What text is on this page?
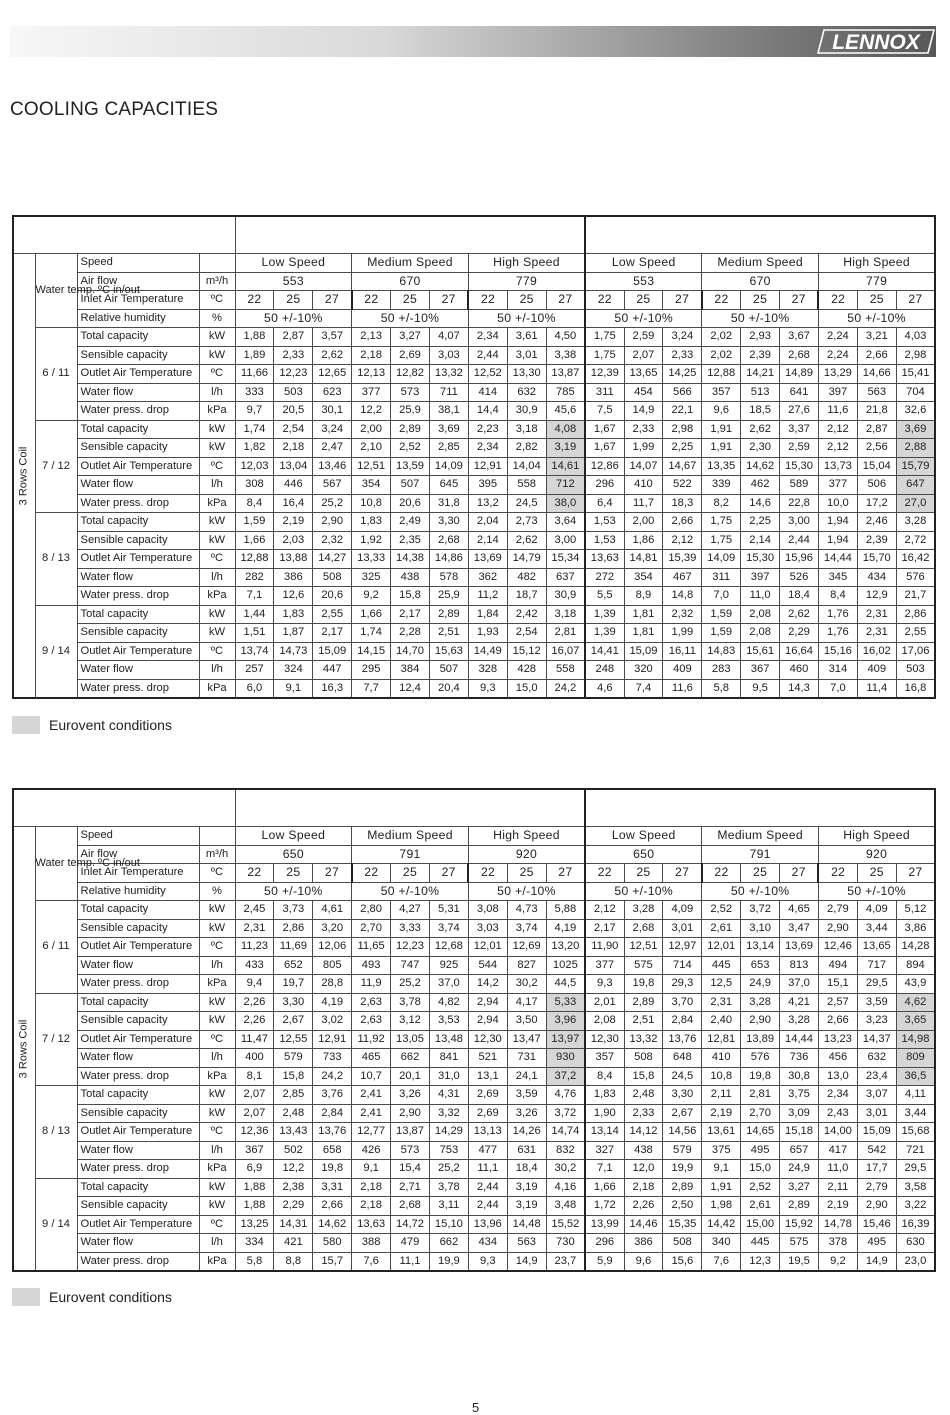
LENNOX
COOLING CAPACITIES

3 Rows Coil	Water temp. ºC in/out	Speed		Low Speed			Medium Speed			High Speed			Low Speed			Medium Speed			High Speed		
		Air flow	m³/h	553			670			779			553			670			779		
		Inlet Air Temperature	ºC	22	25	27	22	25	27	22	25	27	22	25	27	22	25	27	22	25	27
		Relative humidity	%	50 +/-10%			50 +/-10%			50 +/-10%			50 +/-10%			50 +/-10%			50 +/-10%		
	6 / 11	Total capacity	kW	1,88	2,87	3,57	2,13	3,27	4,07	2,34	3,61	4,50	1,75	2,59	3,24	2,02	2,93	3,67	2,24	3,21	4,03
		Sensible capacity	kW	1,89	2,33	2,62	2,18	2,69	3,03	2,44	3,01	3,38	1,75	2,07	2,33	2,02	2,39	2,68	2,24	2,66	2,98
		Outlet Air Temperature	ºC	11,66	12,23	12,65	12,13	12,82	13,32	12,52	13,30	13,87	12,39	13,65	14,25	12,88	14,21	14,89	13,29	14,66	15,41
		Water flow	l/h	333	503	623	377	573	711	414	632	785	311	454	566	357	513	641	397	563	704
		Water press. drop	kPa	9,7	20,5	30,1	12,2	25,9	38,1	14,4	30,9	45,6	7,5	14,9	22,1	9,6	18,5	27,6	11,6	21,8	32,6
	7 / 12	Total capacity	kW	1,74	2,54	3,24	2,00	2,89	3,69	2,23	3,18	4,08	1,67	2,33	2,98	1,91	2,62	3,37	2,12	2,87	3,69
		Sensible capacity	kW	1,82	2,18	2,47	2,10	2,52	2,85	2,34	2,82	3,19	1,67	1,99	2,25	1,91	2,30	2,59	2,12	2,56	2,88
		Outlet Air Temperature	ºC	12,03	13,04	13,46	12,51	13,59	14,09	12,91	14,04	14,61	12,86	14,07	14,67	13,35	14,62	15,30	13,73	15,04	15,79
		Water flow	l/h	308	446	567	354	507	645	395	558	712	296	410	522	339	462	589	377	506	647
		Water press. drop	kPa	8,4	16,4	25,2	10,8	20,6	31,8	13,2	24,5	38,0	6,4	11,7	18,3	8,2	14,6	22,8	10,0	17,2	27,0
	8 / 13	Total capacity	kW	1,59	2,19	2,90	1,83	2,49	3,30	2,04	2,73	3,64	1,53	2,00	2,66	1,75	2,25	3,00	1,94	2,46	3,28
		Sensible capacity	kW	1,66	2,03	2,32	1,92	2,35	2,68	2,14	2,62	3,00	1,53	1,86	2,12	1,75	2,14	2,44	1,94	2,39	2,72
		Outlet Air Temperature	ºC	12,88	13,88	14,27	13,33	14,38	14,86	13,69	14,79	15,34	13,63	14,81	15,39	14,09	15,30	15,96	14,44	15,70	16,42
		Water flow	l/h	282	386	508	325	438	578	362	482	637	272	354	467	311	397	526	345	434	576
		Water press. drop	kPa	7,1	12,6	20,6	9,2	15,8	25,9	11,2	18,7	30,9	5,5	8,9	14,8	7,0	11,0	18,4	8,4	12,9	21,7
	9 / 14	Total capacity	kW	1,44	1,83	2,55	1,66	2,17	2,89	1,84	2,42	3,18	1,39	1,81	2,32	1,59	2,08	2,62	1,76	2,31	2,86
		Sensible capacity	kW	1,51	1,87	2,17	1,74	2,28	2,51	1,93	2,54	2,81	1,39	1,81	1,99	1,59	2,08	2,29	1,76	2,31	2,55
		Outlet Air Temperature	ºC	13,74	14,73	15,09	14,15	14,70	15,63	14,49	15,12	16,07	14,41	15,09	16,11	14,83	15,61	16,64	15,16	16,02	17,06
		Water flow	l/h	257	324	447	295	384	507	328	428	558	248	320	409	283	367	460	314	409	503
		Water press. drop	kPa	6,0	9,1	16,3	7,7	12,4	20,4	9,3	15,0	24,2	4,6	7,4	11,6	5,8	9,5	14,3	7,0	11,4	16,8
Eurovent conditions

3 Rows Coil	Water temp. ºC in/out	Speed		Low Speed			Medium Speed			High Speed			Low Speed			Medium Speed			High Speed		
		Air flow	m³/h	650			791			920			650			791			920		
		Inlet Air Temperature	ºC	22	25	27	22	25	27	22	25	27	22	25	27	22	25	27	22	25	27
		Relative humidity	%	50 +/-10%			50 +/-10%			50 +/-10%			50 +/-10%			50 +/-10%			50 +/-10%		
	6 / 11	Total capacity	kW	2,45	3,73	4,61	2,80	4,27	5,31	3,08	4,73	5,88	2,12	3,28	4,09	2,52	3,72	4,65	2,79	4,09	5,12
		Sensible capacity	kW	2,31	2,86	3,20	2,70	3,33	3,74	3,03	3,74	4,19	2,17	2,68	3,01	2,61	3,10	3,47	2,90	3,44	3,86
		Outlet Air Temperature	ºC	11,23	11,69	12,06	11,65	12,23	12,68	12,01	12,69	13,20	11,90	12,51	12,97	12,01	13,14	13,69	12,46	13,65	14,28
		Water flow	l/h	433	652	805	493	747	925	544	827	1025	377	575	714	445	653	813	494	717	894
		Water press. drop	kPa	9,4	19,7	28,8	11,9	25,2	37,0	14,2	30,2	44,5	9,3	19,8	29,3	12,5	24,9	37,0	15,1	29,5	43,9
	7 / 12	Total capacity	kW	2,26	3,30	4,19	2,63	3,78	4,82	2,94	4,17	5,33	2,01	2,89	3,70	2,31	3,28	4,21	2,57	3,59	4,62
		Sensible capacity	kW	2,26	2,67	3,02	2,63	3,12	3,53	2,94	3,50	3,96	2,08	2,51	2,84	2,40	2,90	3,28	2,66	3,23	3,65
		Outlet Air Temperature	ºC	11,47	12,55	12,91	11,92	13,05	13,48	12,30	13,47	13,97	12,30	13,32	13,76	12,81	13,89	14,44	13,23	14,37	14,98
		Water flow	l/h	400	579	733	465	662	841	521	731	930	357	508	648	410	576	736	456	632	809
		Water press. drop	kPa	8,1	15,8	24,2	10,7	20,1	31,0	13,1	24,1	37,2	8,4	15,8	24,5	10,8	19,8	30,8	13,0	23,4	36,5
	8 / 13	Total capacity	kW	2,07	2,85	3,76	2,41	3,26	4,31	2,69	3,59	4,76	1,83	2,48	3,30	2,11	2,81	3,75	2,34	3,07	4,11
		Sensible capacity	kW	2,07	2,48	2,84	2,41	2,90	3,32	2,69	3,26	3,72	1,90	2,33	2,67	2,19	2,70	3,09	2,43	3,01	3,44
		Outlet Air Temperature	ºC	12,36	13,43	13,76	12,77	13,87	14,29	13,13	14,26	14,74	13,14	14,12	14,56	13,61	14,65	15,18	14,00	15,09	15,68
		Water flow	l/h	367	502	658	426	573	753	477	631	832	327	438	579	375	495	657	417	542	721
		Water press. drop	kPa	6,9	12,2	19,8	9,1	15,4	25,2	11,1	18,4	30,2	7,1	12,0	19,9	9,1	15,0	24,9	11,0	17,7	29,5
	9 / 14	Total capacity	kW	1,88	2,38	3,31	2,18	2,71	3,78	2,44	3,19	4,16	1,66	2,18	2,89	1,91	2,52	3,27	2,11	2,79	3,58
		Sensible capacity	kW	1,88	2,29	2,66	2,18	2,68	3,11	2,44	3,19	3,48	1,72	2,26	2,50	1,98	2,61	2,89	2,19	2,90	3,22
		Outlet Air Temperature	ºC	13,25	14,31	14,62	13,63	14,72	15,10	13,96	14,48	15,52	13,99	14,46	15,35	14,42	15,00	15,92	14,78	15,46	16,39
		Water flow	l/h	334	421	580	388	479	662	434	563	730	296	386	508	340	445	575	378	495	630
		Water press. drop	kPa	5,8	8,8	15,7	7,6	11,1	19,9	9,3	14,9	23,7	5,9	9,6	15,6	7,6	12,3	19,5	9,2	14,9	23,0
Eurovent conditions
5
